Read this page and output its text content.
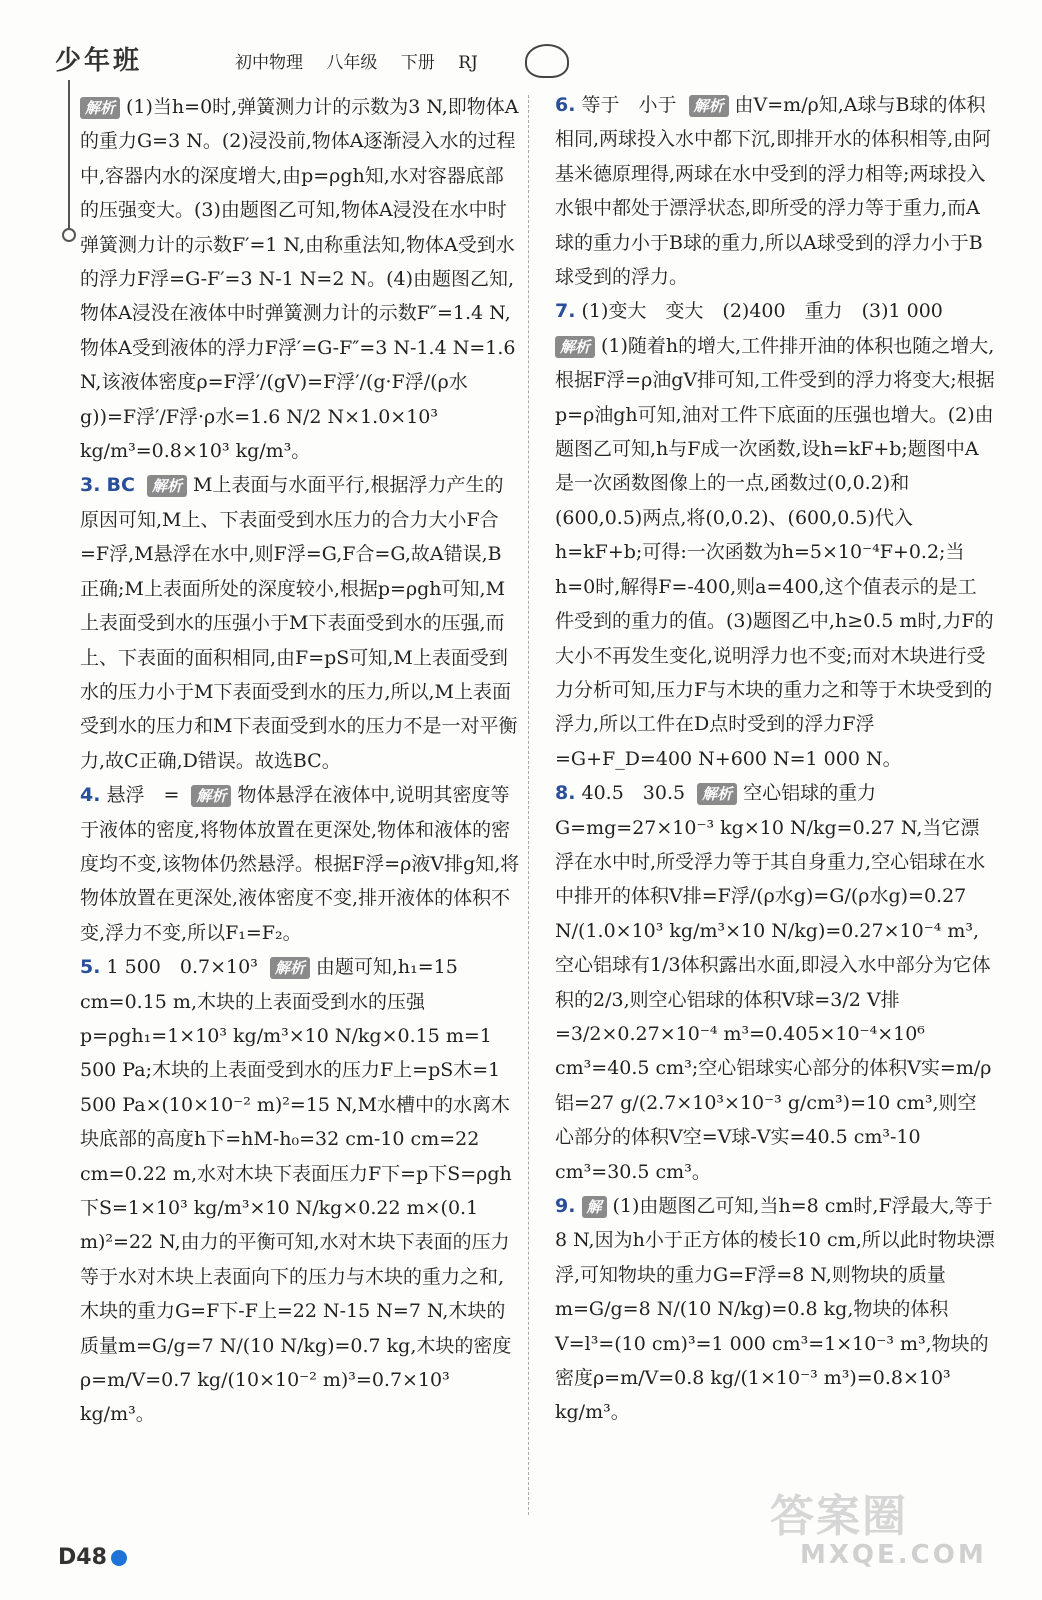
少年班	初中物理 八年级 下册 RJ
解析 (1)当h=0时,弹簧测力计的示数为3 N,即物体A的重力G=3 N。(2)浸没前,物体A逐渐浸入水的过程中,容器内水的深度增大,由p=ρgh知,水对容器底部的压强变大。(3)由题图乙可知,物体A浸没在水中时弹簧测力计的示数F′=1 N,由称重法知,物体A受到水的浮力F浮=G-F′=3 N-1 N=2 N。(4)由题图乙知,物体A浸没在液体中时弹簧测力计的示数F″=1.4 N,物体A受到液体的浮力F浮′=G-F″=3 N-1.4 N=1.6 N,该液体密度ρ=F浮′/(gV)=F浮′/(g·F浮/(ρ水g))=F浮′/F浮·ρ水=1.6 N/2 N×1.0×10³ kg/m³=0.8×10³ kg/m³。
3. BC 解析 M上表面与水面平行,根据浮力产生的原因可知,M上、下表面受到水压力的合力大小F合=F浮,M悬浮在水中,则F浮=G,F合=G,故A错误,B正确;M上表面所处的深度较小,根据p=ρgh可知,M上表面受到水的压强小于M下表面受到水的压强,而上、下表面的面积相同,由F=pS可知,M上表面受到水的压力小于M下表面受到水的压力,所以,M上表面受到水的压力和M下表面受到水的压力不是一对平衡力,故C正确,D错误。故选BC。
4. 悬浮　= 解析 物体悬浮在液体中,说明其密度等于液体的密度,将物体放置在更深处,物体和液体的密度均不变,该物体仍然悬浮。根据F浮=ρ液V排g知,将物体放置在更深处,液体密度不变,排开液体的体积不变,浮力不变,所以F₁=F₂。
5. 1 500　0.7×10³ 解析 由题可知,h₁=15 cm=0.15 m,木块的上表面受到水的压强p=ρgh₁=1×10³ kg/m³×10 N/kg×0.15 m=1 500 Pa;木块的上表面受到水的压力F上=pS木=1 500 Pa×(10×10⁻² m)²=15 N,M水槽中的水离木块底部的高度h下=hM-h₀=32 cm-10 cm=22 cm=0.22 m,水对木块下表面压力F下=p下S=ρgh下S=1×10³ kg/m³×10 N/kg×0.22 m×(0.1 m)²=22 N,由力的平衡可知,水对木块下表面的压力等于水对木块上表面向下的压力与木块的重力之和,木块的重力G=F下-F上=22 N-15 N=7 N,木块的质量m=G/g=7 N/(10 N/kg)=0.7 kg,木块的密度ρ=m/V=0.7 kg/(10×10⁻² m)³=0.7×10³ kg/m³。
6. 等于　小于 解析 由V=m/ρ知,A球与B球的体积相同,两球投入水中都下沉,即排开水的体积相等,由阿基米德原理得,两球在水中受到的浮力相等;两球投入水银中都处于漂浮状态,即所受的浮力等于重力,而A球的重力小于B球的重力,所以A球受到的浮力小于B球受到的浮力。
7. (1)变大　变大　(2)400　重力　(3)1 000
解析 (1)随着h的增大,工件排开油的体积也随之增大,根据F浮=ρ油gV排可知,工件受到的浮力将变大;根据p=ρ油gh可知,油对工件下底面的压强也增大。(2)由题图乙可知,h与F成一次函数,设h=kF+b;题图中A是一次函数图像上的一点,函数过(0,0.2)和(600,0.5)两点,将(0,0.2)、(600,0.5)代入h=kF+b;可得:一次函数为h=5×10⁻⁴F+0.2;当h=0时,解得F=-400,则a=400,这个值表示的是工件受到的重力的值。(3)题图乙中,h≥0.5 m时,力F的大小不再发生变化,说明浮力也不变;而对木块进行受力分析可知,压力F与木块的重力之和等于木块受到的浮力,所以工件在D点时受到的浮力F浮=G+F_D=400 N+600 N=1 000 N。
8. 40.5　30.5 解析 空心铝球的重力G=mg=27×10⁻³ kg×10 N/kg=0.27 N,当它漂浮在水中时,所受浮力等于其自身重力,空心铝球在水中排开的体积V排=F浮/(ρ水g)=G/(ρ水g)=0.27 N/(1.0×10³ kg/m³×10 N/kg)=0.27×10⁻⁴ m³,空心铝球有1/3体积露出水面,即浸入水中部分为它体积的2/3,则空心铝球的体积V球=3/2 V排=3/2×0.27×10⁻⁴ m³=0.405×10⁻⁴×10⁶ cm³=40.5 cm³;空心铝球实心部分的体积V实=m/ρ铝=27 g/(2.7×10³×10⁻³ g/cm³)=10 cm³,则空心部分的体积V空=V球-V实=40.5 cm³-10 cm³=30.5 cm³。
9. 解 (1)由题图乙可知,当h=8 cm时,F浮最大,等于8 N,因为h小于正方体的棱长10 cm,所以此时物块漂浮,可知物块的重力G=F浮=8 N,则物块的质量m=G/g=8 N/(10 N/kg)=0.8 kg,物块的体积V=l³=(10 cm)³=1 000 cm³=1×10⁻³ m³,物块的密度ρ=m/V=0.8 kg/(1×10⁻³ m³)=0.8×10³ kg/m³。
D48
答案圈
MXQE.COM
